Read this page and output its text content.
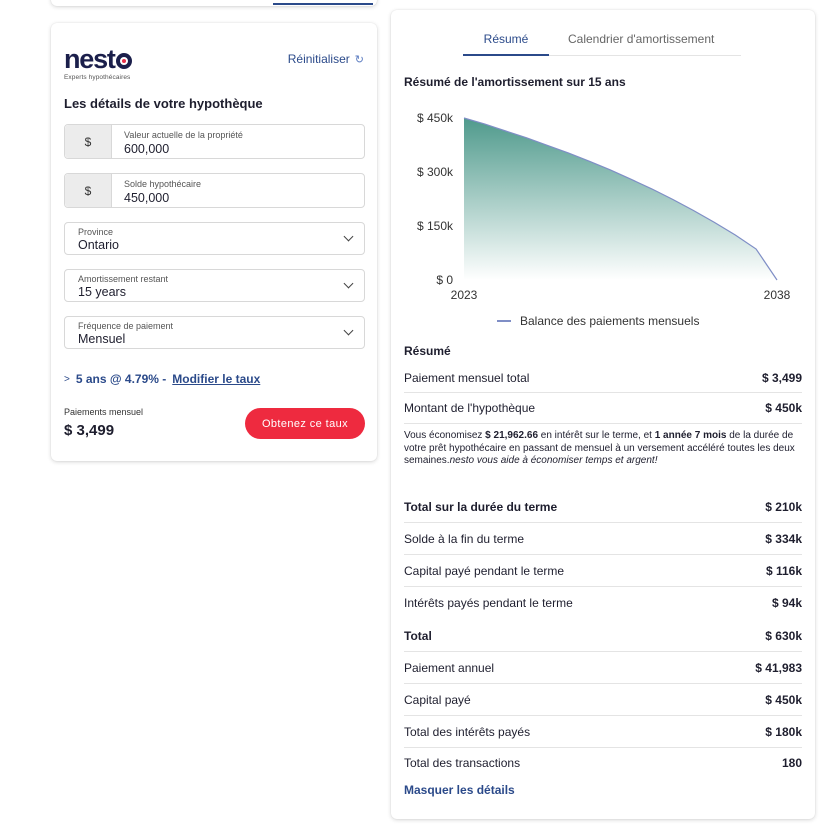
nest
Experts hypothécaires
Réinitialiser ↻
Les détails de votre hypothèque
$	Valeur actuelle de la propriété
600,000
$	Solde hypothécaire
450,000
Province
Ontario
Amortissement restant
15 years
Fréquence de paiement
Mensuel
> 5 ans @ 4.79% - Modifier le taux
Paiements mensuel
$ 3,499	Obtenez ce taux
Résumé	Calendrier d'amortissement
Résumé de l'amortissement sur 15 ans
$ 0
$ 150k
$ 300k
$ 450k
2023	2038
Balance des paiements mensuels
Résumé
Paiement mensuel total	$ 3,499
Montant de l'hypothèque	$ 450k
Vous économisez $ 21,962.66 en intérêt sur le terme, et 1 année 7 mois de la durée de votre prêt hypothécaire en passant de mensuel à un versement accéléré toutes les deux semaines.nesto vous aide à économiser temps et argent!
Total sur la durée du terme	$ 210k
Solde à la fin du terme	$ 334k
Capital payé pendant le terme	$ 116k
Intérêts payés pendant le terme	$ 94k
Total	$ 630k
Paiement annuel	$ 41,983
Capital payé	$ 450k
Total des intérêts payés	$ 180k
Total des transactions	180
Masquer les détails
